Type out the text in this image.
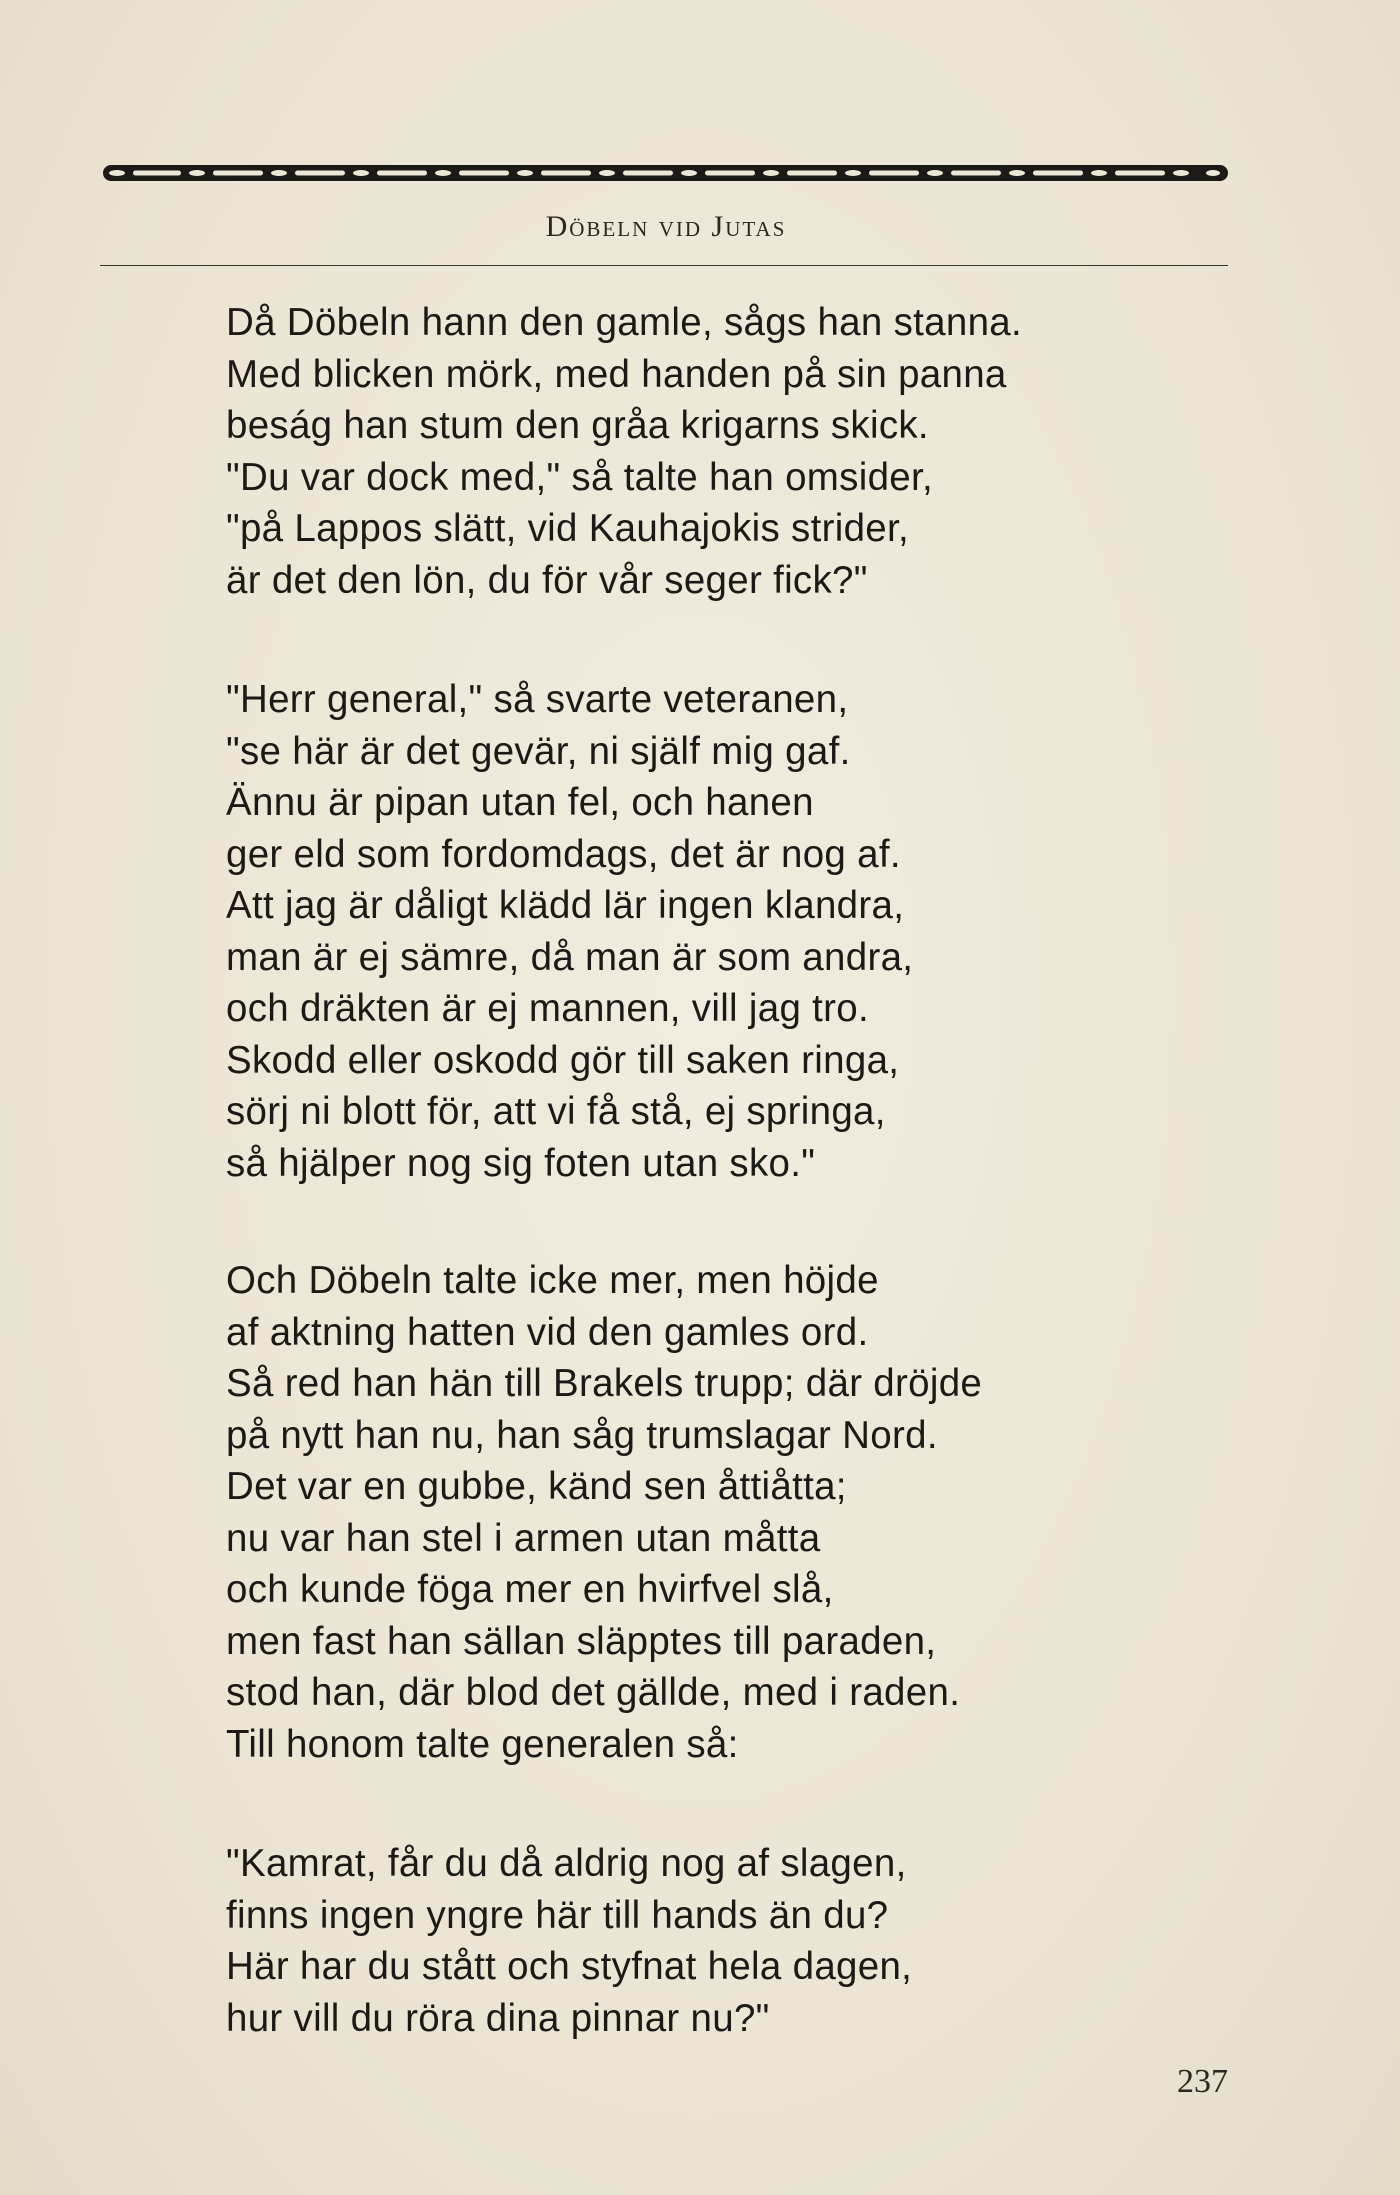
Döbeln vid Jutas
Då Döbeln hann den gamle, sågs han stanna.
Med blicken mörk, med handen på sin panna
beság han stum den gråa krigarns skick.
"Du var dock med," så talte han omsider,
"på Lappos slätt, vid Kauhajokis strider,
är det den lön, du för vår seger fick?"
"Herr general," så svarte veteranen,
"se här är det gevär, ni själf mig gaf.
Ännu är pipan utan fel, och hanen
ger eld som fordomdags, det är nog af.
Att jag är dåligt klädd lär ingen klandra,
man är ej sämre, då man är som andra,
och dräkten är ej mannen, vill jag tro.
Skodd eller oskodd gör till saken ringa,
sörj ni blott för, att vi få stå, ej springa,
så hjälper nog sig foten utan sko."
Och Döbeln talte icke mer, men höjde
af aktning hatten vid den gamles ord.
Så red han hän till Brakels trupp; där dröjde
på nytt han nu, han såg trumslagar Nord.
Det var en gubbe, känd sen åttiåtta;
nu var han stel i armen utan måtta
och kunde föga mer en hvirfvel slå,
men fast han sällan släpptes till paraden,
stod han, där blod det gällde, med i raden.
Till honom talte generalen så:
"Kamrat, får du då aldrig nog af slagen,
finns ingen yngre här till hands än du?
Här har du stått och styfnat hela dagen,
hur vill du röra dina pinnar nu?"
237
